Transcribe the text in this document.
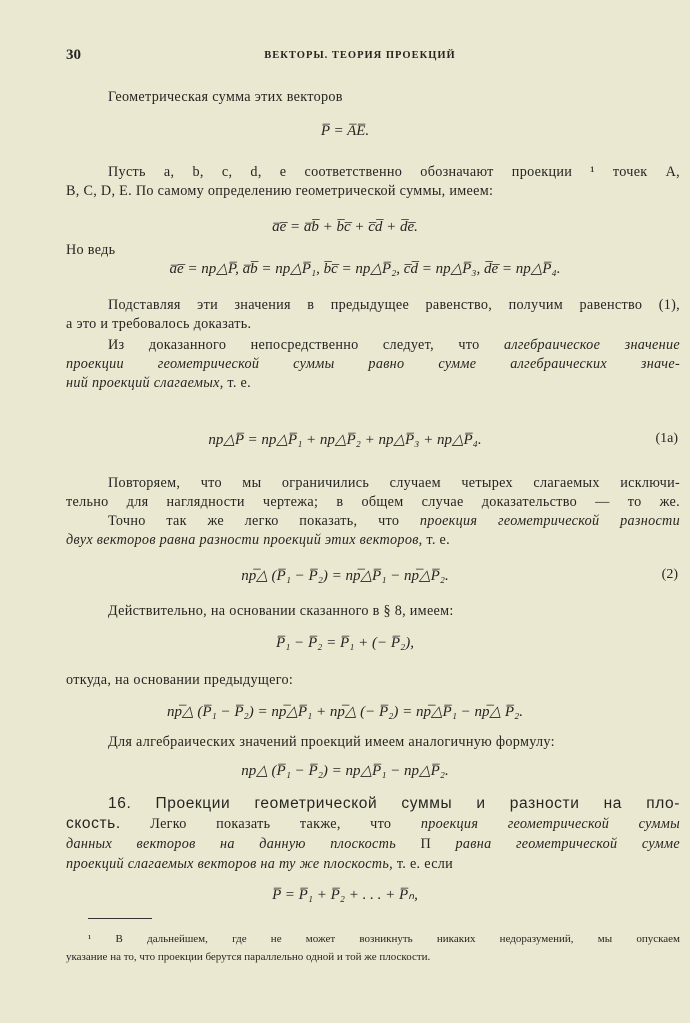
30	ВЕКТОРЫ. ТЕОРИЯ ПРОЕКЦИЙ
Геометрическая сумма этих векторов
P̅ = A̅E̅.
Пусть a, b, c, d, e соответственно обозначают проекции ¹ точек A,
B, C, D, E. По самому определению геометрической суммы, имеем:
a̅e̅ = a̅b̅ + b̅c̅ + c̅d̅ + d̅e̅.
Но ведь
a̅e̅ = пр△P̅, a̅b̅ = пр△P̅₁, b̅c̅ = пр△P̅₂, c̅d̅ = пр△P̅₃, d̅e̅ = пр△P̅₄.
Подставляя эти значения в предыдущее равенство, получим равенство (1),
а это и требовалось доказать.
Из доказанного непосредственно следует, что алгебраическое значение
проекции геометрической суммы равно сумме алгебраических значе-
ний проекций слагаемых, т. е.
пр△P̅ = пр△P̅₁ + пр△P̅₂ + пр△P̅₃ + пр△P̅₄.	(1a)
Повторяем, что мы ограничились случаем четырех слагаемых исключи-
тельно для наглядности чертежа; в общем случае доказательство — то же.
Точно так же легко показать, что проекция геометрической разности
двух векторов равна разности проекций этих векторов, т. е.
пр̅△ (P̅₁ − P̅₂) = пр̅△P̅₁ − пр̅△P̅₂.	(2)
Действительно, на основании сказанного в § 8, имеем:
P̅₁ − P̅₂ = P̅₁ + (− P̅₂),
откуда, на основании предыдущего:
пр̅△ (P̅₁ − P̅₂) = пр̅△P̅₁ + пр̅△ (− P̅₂) = пр̅△P̅₁ − пр̅△ P̅₂.
Для алгебраических значений проекций имеем аналогичную формулу:
пр△ (P̅₁ − P̅₂) = пр△P̅₁ − пр△P̅₂.
16. Проекции геометрической суммы и разности на пло-
скость. Легко показать также, что проекция геометрической суммы
данных векторов на данную плоскость П равна геометрической сумме
проекций слагаемых векторов на ту же плоскость, т. е. если
P̅ = P̅₁ + P̅₂ + . . . + P̅ₙ,
¹ В дальнейшем, где не может возникнуть никаких недоразумений, мы опускаем
указание на то, что проекции берутся параллельно одной и той же плоскости.
